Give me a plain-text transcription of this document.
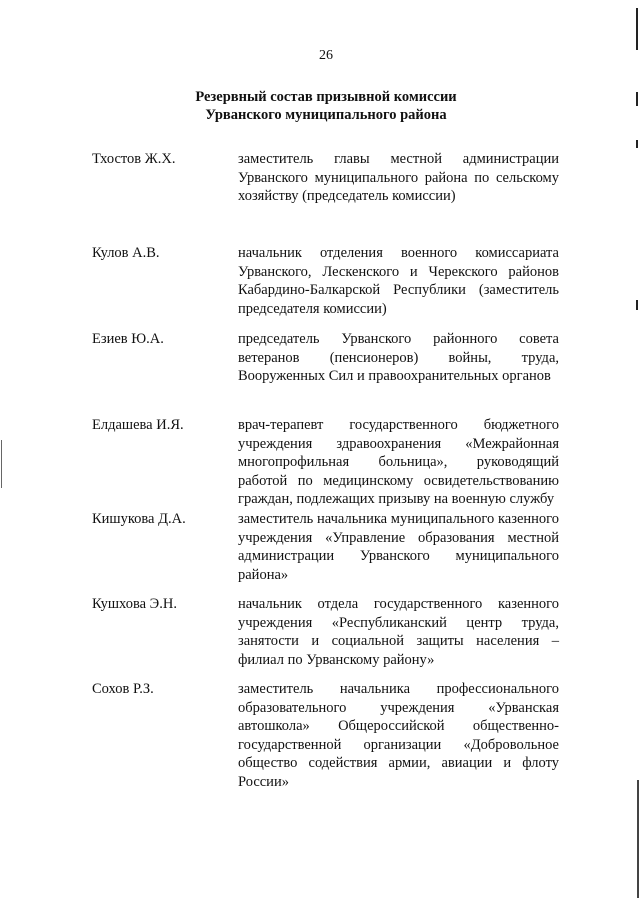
26
Резервный состав призывной комиссии
Урванского муниципального района
Тхостов Ж.Х.	заместитель главы местной администрации Урванского муниципального района по сельскому хозяйству (председатель комиссии)
Кулов А.В.	начальник отделения военного комиссариата Урванского, Лескенского и Черекского районов Кабардино-Балкарской Республики (заместитель председателя комиссии)
Езиев Ю.А.	председатель Урванского районного совета ветеранов (пенсионеров) войны, труда, Вооруженных Сил и правоохранительных органов
Елдашева И.Я.	врач-терапевт государственного бюджетного учреждения здравоохранения «Межрайонная многопрофильная больница», руководящий работой по медицинскому освидетельствованию граждан, подлежащих призыву на военную службу
Кишукова Д.А.	заместитель начальника муниципального казенного учреждения «Управление образования местной администрации Урванского муниципального района»
Кушхова Э.Н.	начальник отдела государственного казенного учреждения «Республиканский центр труда, занятости и социальной защиты населения – филиал по Урванскому району»
Сохов Р.З.	заместитель начальника профессионального образовательного учреждения «Урванская автошкола» Общероссийской общественно-государственной организации «Добровольное общество содействия армии, авиации и флоту России»
